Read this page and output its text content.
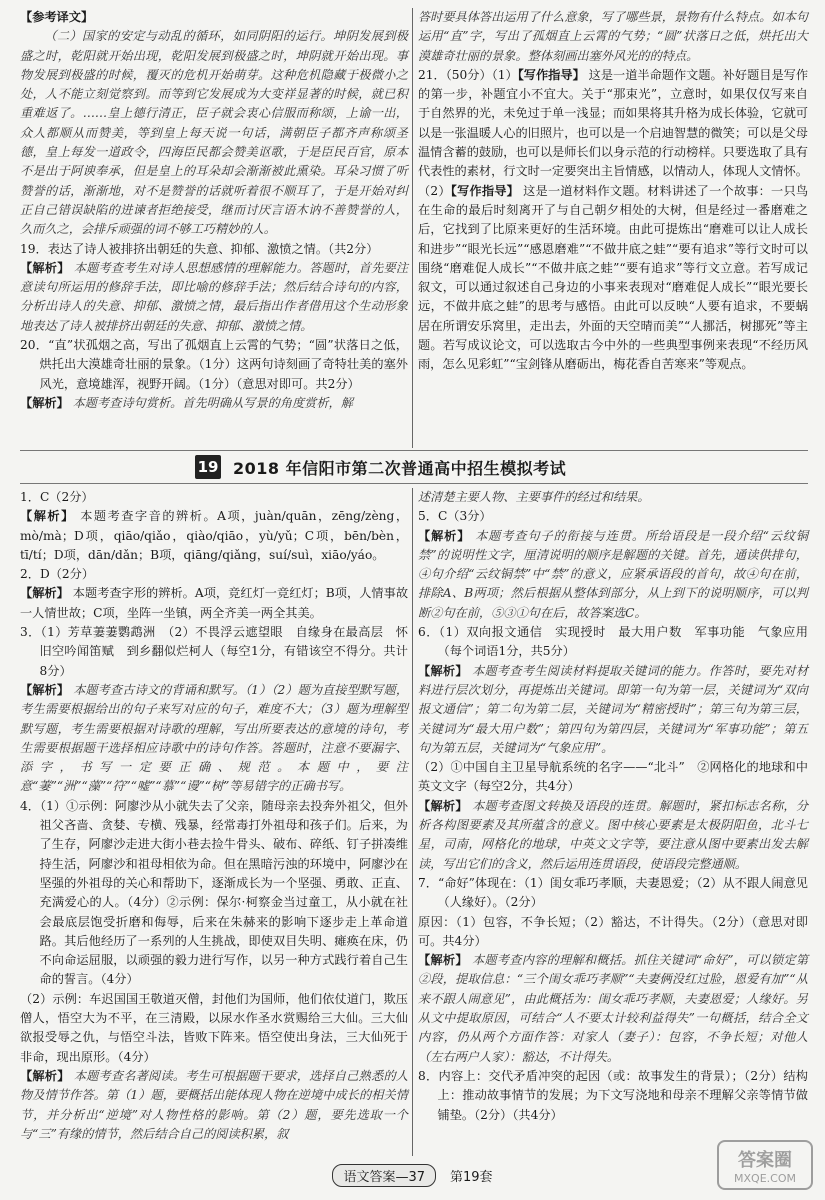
【 参考译文 】

（二）国家的安定与动乱的循环，如同阴阳的运行。坤阴发展到极盛之时，乾阳就开始出现，乾阳发展到极盛之时，坤阴就开始出现。事物发展到极盛的时候，覆灭的危机开始萌芽。这种危机隐藏于极微小之处，人不能立刻觉察到。而等到它发展成为大变祥显著的时候，就已积重难返了。……皇上德行清正，臣子就会衷心信服而称颂，上谕一出，众人都顺从而赞美，等到皇上每天说一句话，满朝臣子都齐声称颂圣德，皇上每发一道政令，四海臣民都会赞美讴歌，于是臣民百官，原本不是出于阿谀奉承，但是皇上的耳朵却会渐渐被此熏染。耳朵习惯了听赞誉的话，渐渐地，对不是赞誉的话就听着很不顺耳了，于是开始对纠正自己错误缺陷的进谏者拒绝接受，继而讨厌言语木讷不善赞誉的人，久而久之，会排斥顽强的词不够工巧精妙的人。

19．表达了诗人被排挤出朝廷的失意、抑郁、激愤之情。（共2分）

【 解析 】 本题考查考生对诗人思想感情的理解能力。答题时，首先要注意读句所运用的修辞手法，即比喻的修辞手法；然后结合诗句的内容，分析出诗人的失意、抑郁、激愤之情，最后指出作者借用这个生动形象地表达了诗人被排挤出朝廷的失意、抑郁、激愤之情。

20．“直”状孤烟之高，写出了孤烟直上云霄的气势；“圆”状落日之低，烘托出大漠雄奇壮丽的景象。（1分）这两句诗刻画了奇特壮美的塞外风光，意境雄浑，视野开阔。（1分）（意思对即可。共2分）

【 解析 】 本题考查诗句赏析。首先明确从写景的角度赏析，解

答时要具体答出运用了什么意象，写了哪些景，景物有什么特点。如本句运用“直”字，写出了孤烟直上云霄的气势；“圆”状落日之低，烘托出大漠雄奇壮丽的景象。整体刻画出塞外风光的的特点。

21．（50分）（1） 【 写作指导 】 这是一道半命题作文题。补好题目是写作的第一步，补题宜小不宜大。关于“那束光”，立意时，如果仅仅写来自于自然界的光，未免过于单一浅显；而如果将其升格为成长体验，它就可以是一张温暖人心的旧照片，也可以是一个启迪智慧的微笑；可以是父母温情含蓄的鼓励，也可以是师长们以身示范的行动榜样。只要选取了具有代表性的素材，行文时一定要突出主旨情感，以情动人，体现人文情怀。

（2） 【 写作指导 】 这是一道材料作文题。材料讲述了一个故事：一只鸟在生命的最后时刻离开了与自己朝夕相处的大树，但是经过一番磨难之后，它找到了比原来更好的生活环境。由此可提炼出“磨难可以让人成长和进步”“眼光长远”“感恩磨难”“不做井底之蛙”“要有追求”等行文时可以围绕“磨难促人成长”“不做井底之蛙”“要有追求”等行文立意。若写成记叙文，可以通过叙述自己身边的小事来表现对“磨难促人成长”“眼光要长远，不做井底之蛙”的思考与感悟。由此可以反映“人要有追求，不要蜗居在所谓安乐窝里，走出去，外面的天空晴而美”“人挪活，树挪死”等主题。若写成议论文，可以选取古今中外的一些典型事例来表现“不经历风雨，怎么见彩虹”“宝剑锋从磨砺出，梅花香自苦寒来”等观点。

19 2018 年信阳市第二次普通高中招生模拟考试

1．C（2分）

【 解析 】 本题考查字音的辨析。A项，juàn/quān，zēng/zèng，mò/mà；D项，qiāo/qiǎo，qiào/qiāo，yù/yǔ；C项，bēn/bèn，tī/tí；D项，dān/dǎn；B项，qiāng/qiǎng，suí/suì，xiāo/yáo。

2．D（2分）

【 解析 】 本题考查字形的辨析。A项，竞红灯一竞红灯；B项，人情事故一人情世故；C项，坐阵一坐镇，两全齐美一两全其美。

3．（1）芳草萋萋鹦鹉洲　（2）不畏浮云遮望眼　自缘身在最高层　怀旧空吟闻笛赋　到乡翻似烂柯人（每空1分，有错该空不得分。共计8分）

【 解析 】 本题考查古诗文的背诵和默写。（1）（2）题为直接型默写题，考生需要根据给出的句子来写对应的句子，难度不大；（3）题为理解型默写题，考生需要根据对诗歌的理解，写出所要表达的意境的诗句，考生需要根据题干选择相应诗歌中的诗句作答。答题时，注意不要漏字、添字，书写一定要正确、规范。本题中，要注意“萋”“洲”“藻”“符”“嘘”“慕”“谩”“树”等易错字的正确书写。

4．（1）①示例：阿廖沙从小就失去了父亲，随母亲去投奔外祖父，但外祖父吝啬、贪婪、专横、残暴，经常毒打外祖母和孩子们。后来，为了生存，阿廖沙走进大街小巷去捡牛骨头、破布、碎纸、钉子拼凑维持生活，阿廖沙和祖母相依为命。但在黑暗污浊的环境中，阿廖沙在坚强的外祖母的关心和帮助下，逐渐成长为一个坚强、勇敢、正直、充满爱心的人。（4分）②示例：保尔·柯察金当过童工，从小就在社会最底层饱受折磨和侮辱，后来在朱赫来的影响下逐步走上革命道路。其后他经历了一系列的人生挑战，即使双目失明、瘫痪在床，仍不向命运屈服，以顽强的毅力进行写作，以另一种方式践行着自己生命的誓言。（4分）

（2）示例：车迟国国王敬道灭僧，封他们为国师，他们依仗道门，欺压僧人，悟空大为不平，在三清殿，以尿水作圣水赏赐给三大仙。三大仙欲报受辱之仇，与悟空斗法，皆败下阵来。悟空使出身法，三大仙死于非命，现出原形。（4分）

【 解析 】 本题考查名著阅读。考生可根据题干要求，选择自己熟悉的人物及情节作答。第（1）题，要概括出能体现人物在逆境中成长的相关情节，并分析出“逆境”对人物性格的影响。第（2）题，要先选取一个与“三”有缘的情节，然后结合自己的阅读积累，叙

述清楚主要人物、主要事件的经过和结果。

5．C（3分）

【 解析 】 本题考查句子的衔接与连贯。所给语段是一段介绍“云纹铜禁”的说明性文字，厘清说明的顺序是解题的关键。首先，通读供排句，④句介绍“云纹铜禁”中“禁”的意义，应紧承语段的首句，故④句在前，排除A、B两项；然后根据从整体到部分，从上到下的说明顺序，可以判断②句在前，⑤③①句在后，故答案选C。

6．（1）双向报文通信　实现授时　最大用户数　军事功能　气象应用（每个词语1分，共5分）

【 解析 】 本题考查考生阅读材料提取关键词的能力。作答时，要先对材料进行层次划分，再提炼出关键词。即第一句为第一层，关键词为“双向报文通信”；第二句为第二层，关键词为“精密授时”；第三句为第三层，关键词为“最大用户数”；第四句为第四层，关键词为“军事功能”；第五句为第五层，关键词为“气象应用”。

（2）①中国自主卫星导航系统的名字——“北斗”　②网格化的地球和中英文文字（每空2分，共4分）

【 解析 】 本题考查图文转换及语段的连贯。解题时，紧扣标志名称，分析各构图要素及其所蕴含的意义。图中核心要素是太极阴阳鱼，北斗七星，司南，网格化的地球，中英文文字等，要注意从图中要素出发去解读，写出它们的含义，然后运用连贯语段，使语段完整通顺。

7．“命好”体现在：（1）闺女乖巧孝顺，夫妻恩爱；（2）从不跟人闹意见（人缘好）。（2分）

原因：（1）包容，不争长短；（2）豁达，不计得失。（2分）（意思对即可。共4分）

【 解析 】 本题考查内容的理解和概括。抓住关键词“命好”，可以锁定第②段，提取信息：“三个闺女乖巧孝顺”“夫妻俩没红过脸，恩爱有加”“从来不跟人闹意见”，由此概括为：闺女乖巧孝顺，夫妻恩爱；人缘好。另从文中提取原因，可结合“人不要太计较利益得失”一句概括，结合全文内容，仍从两个方面作答：对家人（妻子）：包容，不争长短；对他人（左右两户人家）：豁达，不计得失。

8．内容上：交代矛盾冲突的起因（或：故事发生的背景）；（2分）结构上：推动故事情节的发展；为下文写浇地和母亲不理解父亲等情节做铺垫。（2分）（共4分）

语文答案—37	第19套
答案圈
MXQE.COM
